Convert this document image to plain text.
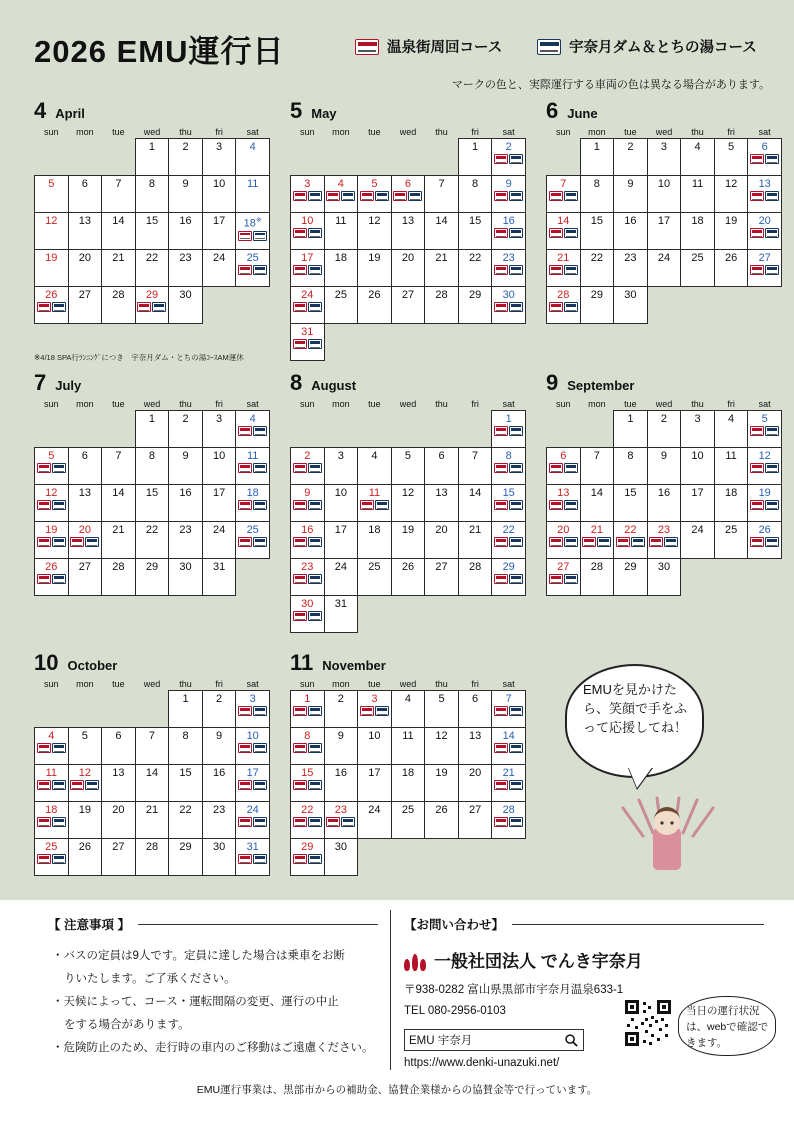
2026 EMU運行日	温泉街周回コース	宇奈月ダム＆とちの湯コース
マークの色と、実際運行する車両の色は異なる場合があります。
4 April
sun	mon	tue	wed	thu	fri	sat

			1	2	3	4

5	6	7	8	9	10	11

12	13	14	15	16	17	18※

19	20	21	22	23	24	25

26	27	28	29	30		

5 May
sun	mon	tue	wed	thu	fri	sat

					1	2

3	4	5	6	7	8	9

10	11	12	13	14	15	16

17	18	19	20	21	22	23

24	25	26	27	28	29	30

31						

6 June
sun	mon	tue	wed	thu	fri	sat

	1	2	3	4	5	6

7	8	9	10	11	12	13

14	15	16	17	18	19	20

21	22	23	24	25	26	27

28	29	30				

7 July
sun	mon	tue	wed	thu	fri	sat

			1	2	3	4

5	6	7	8	9	10	11

12	13	14	15	16	17	18

19	20	21	22	23	24	25

26	27	28	29	30	31	

8 August
sun	mon	tue	wed	thu	fri	sat

						1

2	3	4	5	6	7	8

9	10	11	12	13	14	15

16	17	18	19	20	21	22

23	24	25	26	27	28	29

30	31					

9 September
sun	mon	tue	wed	thu	fri	sat

		1	2	3	4	5

6	7	8	9	10	11	12

13	14	15	16	17	18	19

20	21	22	23	24	25	26

27	28	29	30			

10 October
sun	mon	tue	wed	thu	fri	sat

				1	2	3

4	5	6	7	8	9	10

11	12	13	14	15	16	17

18	19	20	21	22	23	24

25	26	27	28	29	30	31
11 November
sun	mon	tue	wed	thu	fri	sat

1	2	3	4	5	6	7

8	9	10	11	12	13	14

15	16	17	18	19	20	21

22	23	24	25	26	27	28

29	30					

※4/18 SPA行ﾗﾝﾆﾝｸﾞにつき　宇奈月ダム・とちの湯ｺｰｽAM運休
EMUを見かけたら、笑顔で手をふって応援してね！
【 注意事項 】
・バスの定員は9人です。定員に達した場合は乗車をお断
りいたします。ご了承ください。
・天候によって、コース・運転間隔の変更、運行の中止
をする場合があります。
・危険防止のため、走行時の車内のご移動はご遠慮ください。
【お問い合わせ】
一般社団法人 でんき宇奈月
〒938-0282 富山県黒部市宇奈月温泉633-1
TEL 080-2956-0103
EMU 宇奈月
https://www.denki-unazuki.net/
当日の運行状況は、webで確認できます。
EMU運行事業は、黒部市からの補助金、協賛企業様からの協賛金等で行っています。
